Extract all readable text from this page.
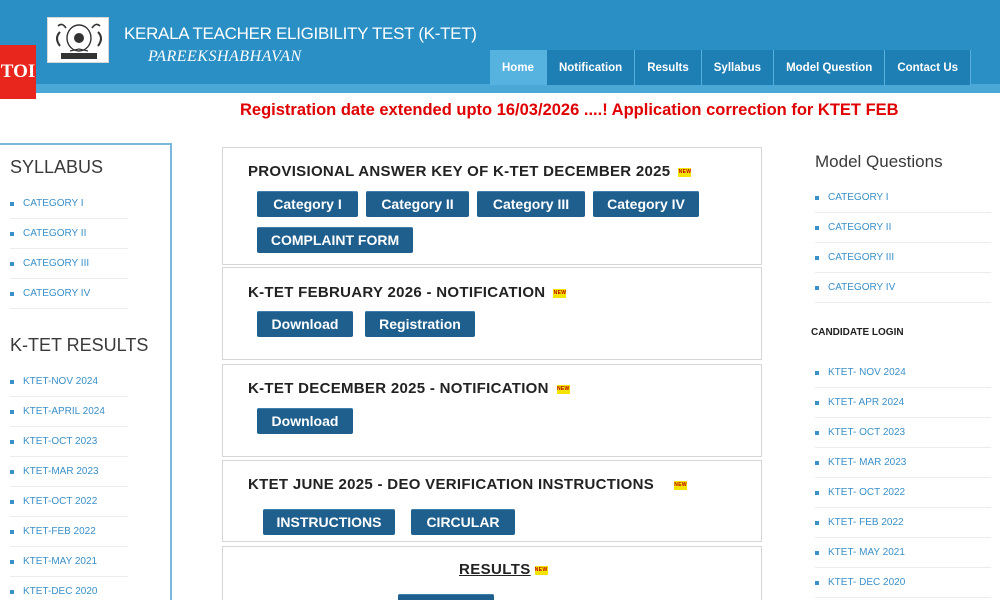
KERALA TEACHER ELIGIBILITY TEST (K-TET)
PAREEKSHABHAVAN
TOI	Home	Notification	Results	Syllabus	Model Question	Contact Us
Registration date extended upto 16/03/2026 ....! Application correction for KTET FEB
SYLLABUS
CATEGORY I
CATEGORY II
CATEGORY III
CATEGORY IV
K-TET RESULTS
KTET-NOV 2024
KTET-APRIL 2024
KTET-OCT 2023
KTET-MAR 2023
KTET-OCT 2022
KTET-FEB 2022
KTET-MAY 2021
KTET-DEC 2020
Model Questions
CATEGORY I
CATEGORY II
CATEGORY III
CATEGORY IV
CANDIDATE LOGIN
KTET- NOV 2024
KTET- APR 2024
KTET- OCT 2023
KTET- MAR 2023
KTET- OCT 2022
KTET- FEB 2022
KTET- MAY 2021
KTET- DEC 2020
PROVISIONAL ANSWER KEY OF K-TET DECEMBER 2025 NEW
Category I	Category II	Category III	Category IV
COMPLAINT FORM
K-TET FEBRUARY 2026 - NOTIFICATION NEW
Download	Registration
K-TET DECEMBER 2025 - NOTIFICATION NEW
Download
KTET JUNE 2025 - DEO VERIFICATION INSTRUCTIONS	NEW
INSTRUCTIONS	CIRCULAR
RESULTS NEW
